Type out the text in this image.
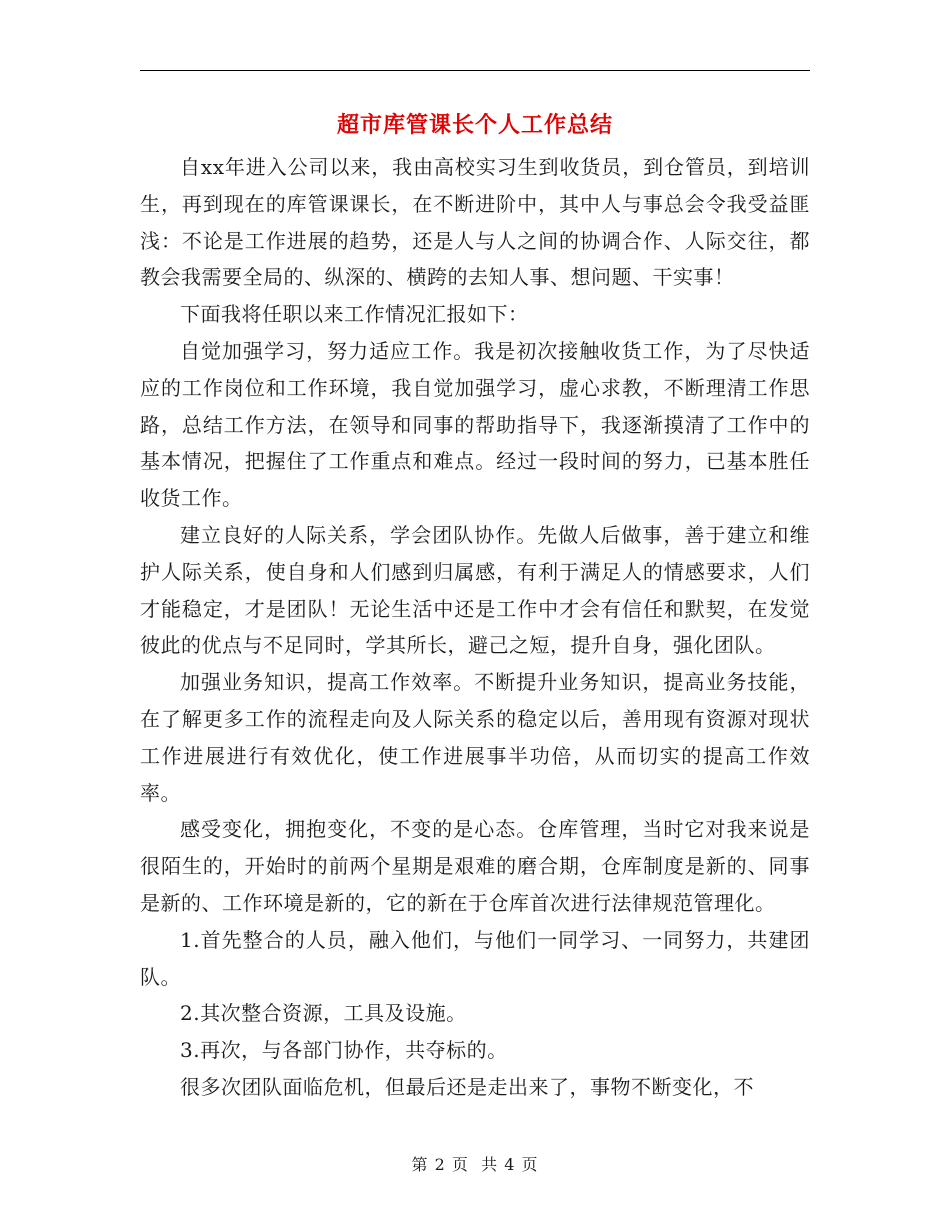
超市库管课长个人工作总结

自xx年进入公司以来，我由高校实习生到收货员，到仓管员，到培训生，再到现在的库管课课长，在不断进阶中，其中人与事总会令我受益匪浅：不论是工作进展的趋势，还是人与人之间的协调合作、人际交往，都教会我需要全局的、纵深的、横跨的去知人事、想问题、干实事！

下面我将任职以来工作情况汇报如下：

自觉加强学习，努力适应工作。我是初次接触收货工作，为了尽快适应的工作岗位和工作环境，我自觉加强学习，虚心求教，不断理清工作思路，总结工作方法，在领导和同事的帮助指导下，我逐渐摸清了工作中的基本情况，把握住了工作重点和难点。经过一段时间的努力，已基本胜任收货工作。

建立良好的人际关系，学会团队协作。先做人后做事，善于建立和维护人际关系，使自身和人们感到归属感，有利于满足人的情感要求，人们才能稳定，才是团队！无论生活中还是工作中才会有信任和默契，在发觉彼此的优点与不足同时，学其所长，避己之短，提升自身，强化团队。

加强业务知识，提高工作效率。不断提升业务知识，提高业务技能，在了解更多工作的流程走向及人际关系的稳定以后，善用现有资源对现状工作进展进行有效优化，使工作进展事半功倍，从而切实的提高工作效率。

感受变化，拥抱变化，不变的是心态。仓库管理，当时它对我来说是很陌生的，开始时的前两个星期是艰难的磨合期，仓库制度是新的、同事是新的、工作环境是新的，它的新在于仓库首次进行法律规范管理化。

1.首先整合的人员，融入他们，与他们一同学习、一同努力，共建团队。

2.其次整合资源，工具及设施。

3.再次，与各部门协作，共夺标的。

很多次团队面临危机，但最后还是走出来了，事物不断变化，不

第 2 页  共 4 页
